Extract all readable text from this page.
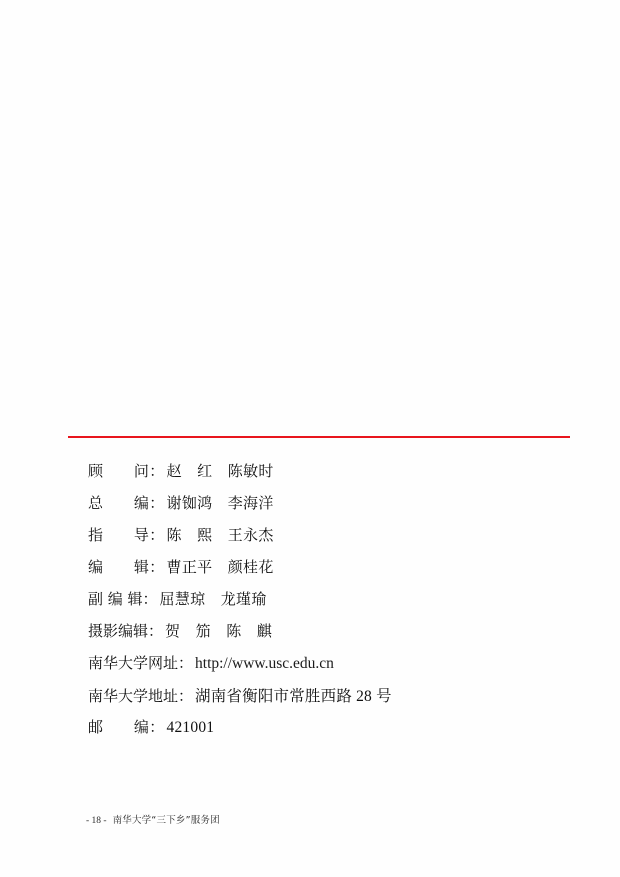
顾　　问： 赵　红　陈敏时
总　　编： 谢铷鸿　李海洋
指　　导： 陈　熙　王永杰
编　　辑： 曹正平　颜桂花
副 编 辑： 屈慧琼　龙瑾瑜
摄影编辑： 贺　笳　陈　麒
南华大学网址： http://www.usc.edu.cn
南华大学地址： 湖南省衡阳市常胜西路 28 号
邮　　编： 421001
- 18 - 南华大学“三下乡”服务团
